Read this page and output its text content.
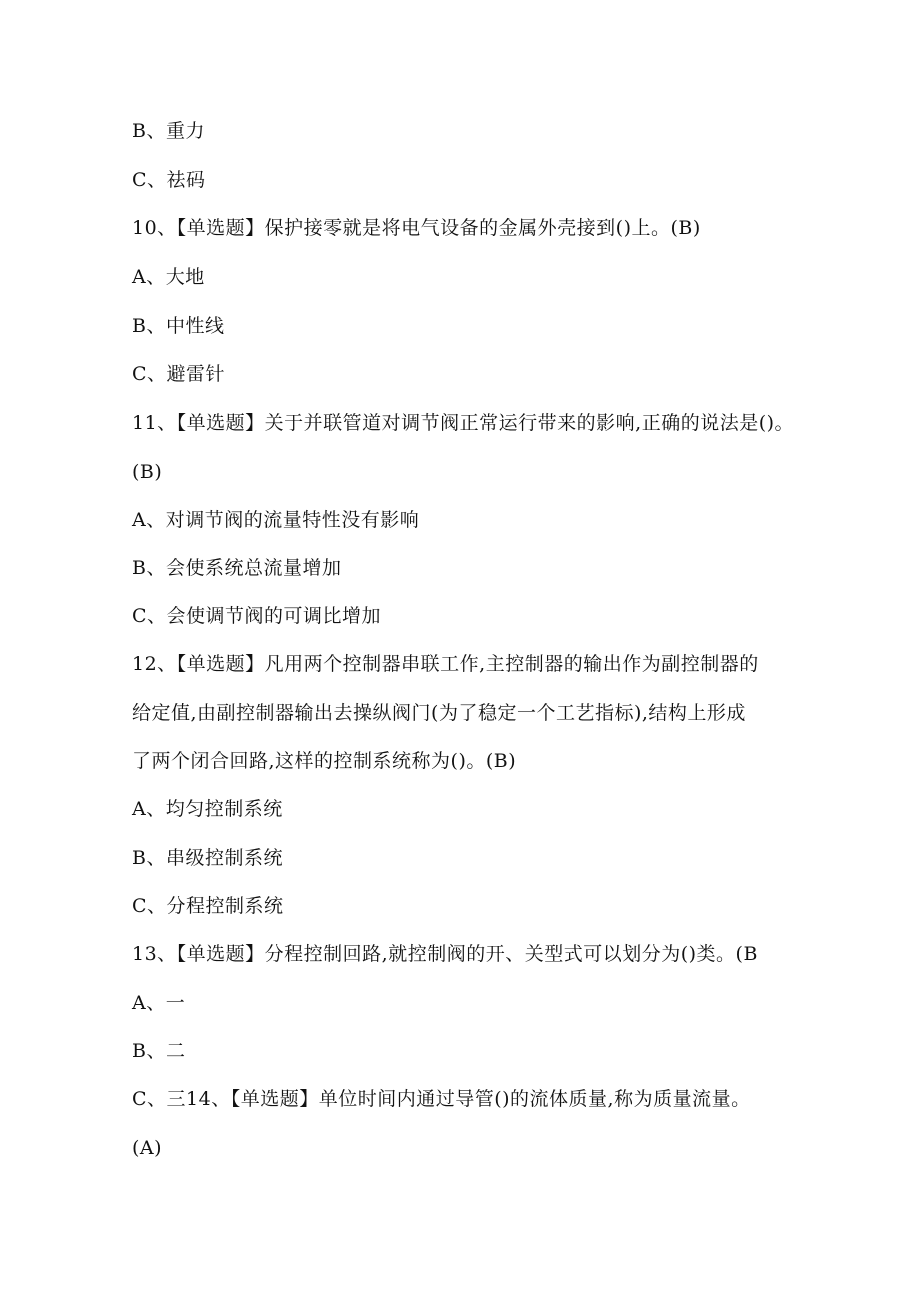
B、重力
C、祛码
10、【单选题】保护接零就是将电气设备的金属外壳接到()上。(B)
A、大地
B、中性线
C、避雷针
11、【单选题】关于并联管道对调节阀正常运行带来的影响,正确的说法是()。
(B)
A、对调节阀的流量特性没有影响
B、会使系统总流量增加
C、会使调节阀的可调比增加
12、【单选题】凡用两个控制器串联工作,主控制器的输出作为副控制器的
给定值,由副控制器输出去操纵阀门(为了稳定一个工艺指标),结构上形成
了两个闭合回路,这样的控制系统称为()。(B)
A、均匀控制系统
B、串级控制系统
C、分程控制系统
13、【单选题】分程控制回路,就控制阀的开、关型式可以划分为()类。(B
A、一
B、二
C、三14、【单选题】单位时间内通过导管()的流体质量,称为质量流量。
(A)
